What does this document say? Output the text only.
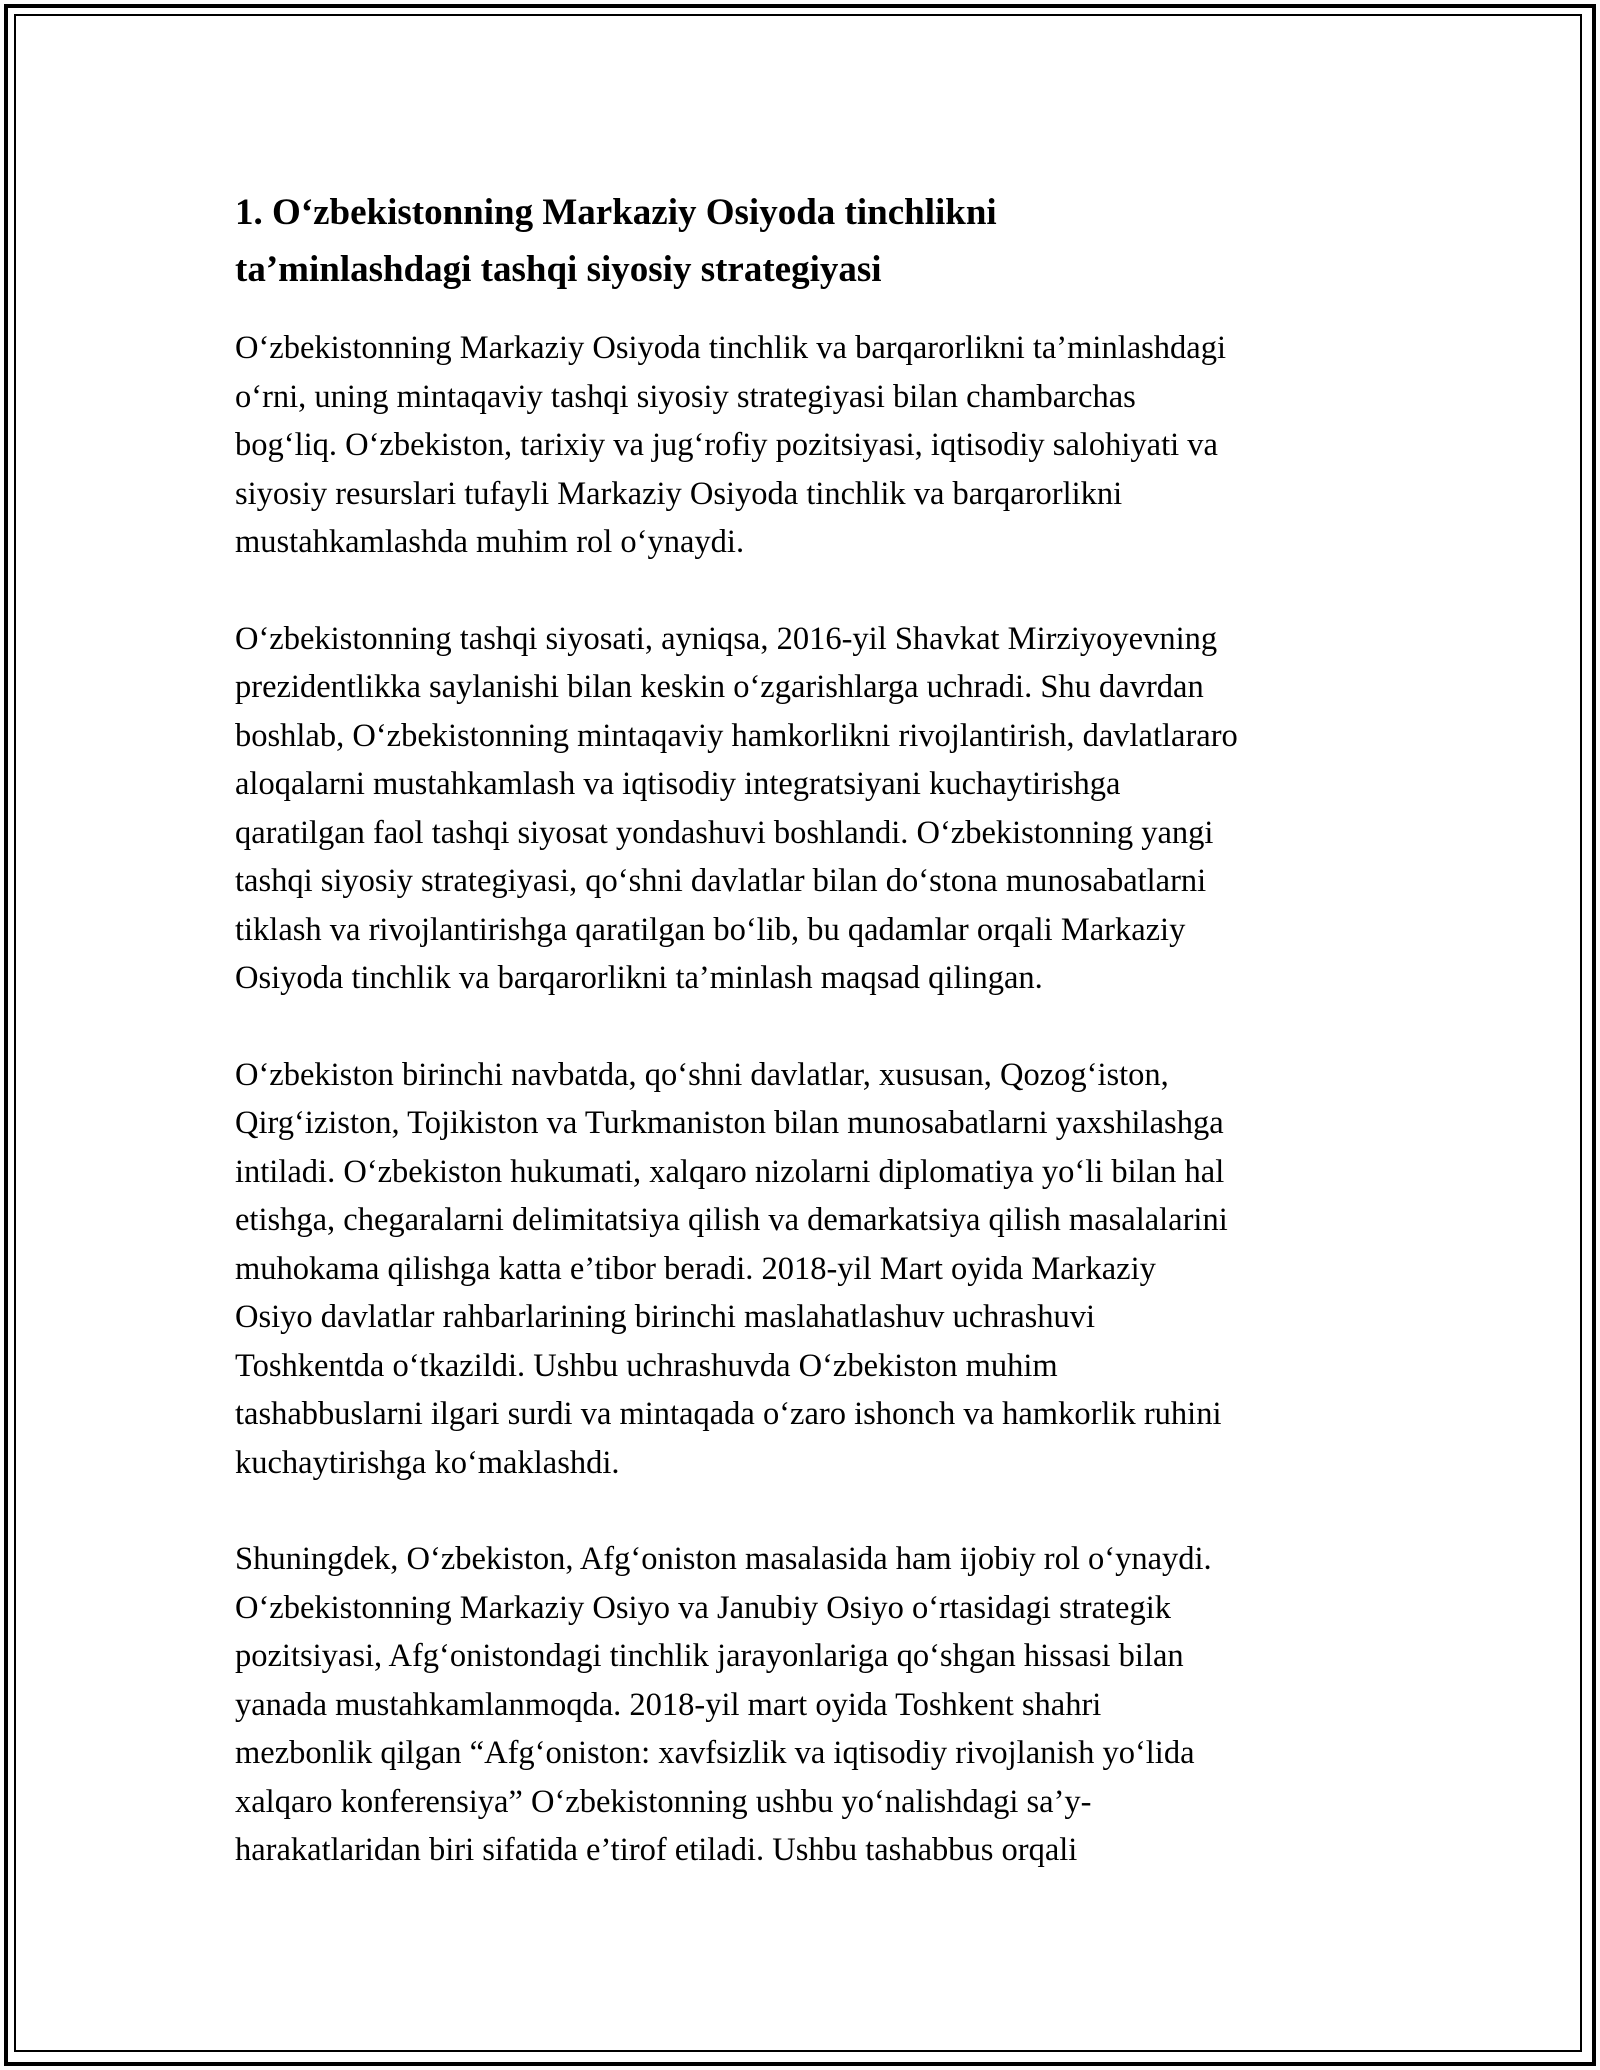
1. O‘zbekistonning Markaziy Osiyoda tinchlikni
ta’minlashdagi tashqi siyosiy strategiyasi

O‘zbekistonning Markaziy Osiyoda tinchlik va barqarorlikni ta’minlashdagi
o‘rni, uning mintaqaviy tashqi siyosiy strategiyasi bilan chambarchas
bog‘liq. O‘zbekiston, tarixiy va jug‘rofiy pozitsiyasi, iqtisodiy salohiyati va
siyosiy resurslari tufayli Markaziy Osiyoda tinchlik va barqarorlikni
mustahkamlashda muhim rol o‘ynaydi.

O‘zbekistonning tashqi siyosati, ayniqsa, 2016-yil Shavkat Mirziyoyevning
prezidentlikka saylanishi bilan keskin o‘zgarishlarga uchradi. Shu davrdan
boshlab, O‘zbekistonning mintaqaviy hamkorlikni rivojlantirish, davlatlararo
aloqalarni mustahkamlash va iqtisodiy integratsiyani kuchaytirishga
qaratilgan faol tashqi siyosat yondashuvi boshlandi. O‘zbekistonning yangi
tashqi siyosiy strategiyasi, qo‘shni davlatlar bilan do‘stona munosabatlarni
tiklash va rivojlantirishga qaratilgan bo‘lib, bu qadamlar orqali Markaziy
Osiyoda tinchlik va barqarorlikni ta’minlash maqsad qilingan.

O‘zbekiston birinchi navbatda, qo‘shni davlatlar, xususan, Qozog‘iston,
Qirg‘iziston, Tojikiston va Turkmaniston bilan munosabatlarni yaxshilashga
intiladi. O‘zbekiston hukumati, xalqaro nizolarni diplomatiya yo‘li bilan hal
etishga, chegaralarni delimitatsiya qilish va demarkatsiya qilish masalalarini
muhokama qilishga katta e’tibor beradi. 2018-yil Mart oyida Markaziy
Osiyo davlatlar rahbarlarining birinchi maslahatlashuv uchrashuvi
Toshkentda o‘tkazildi. Ushbu uchrashuvda O‘zbekiston muhim
tashabbuslarni ilgari surdi va mintaqada o‘zaro ishonch va hamkorlik ruhini
kuchaytirishga ko‘maklashdi.

Shuningdek, O‘zbekiston, Afg‘oniston masalasida ham ijobiy rol o‘ynaydi.
O‘zbekistonning Markaziy Osiyo va Janubiy Osiyo o‘rtasidagi strategik
pozitsiyasi, Afg‘onistondagi tinchlik jarayonlariga qo‘shgan hissasi bilan
yanada mustahkamlanmoqda. 2018-yil mart oyida Toshkent shahri
mezbonlik qilgan “Afg‘oniston: xavfsizlik va iqtisodiy rivojlanish yo‘lida
xalqaro konferensiya” O‘zbekistonning ushbu yo‘nalishdagi sa’y-
harakatlaridan biri sifatida e’tirof etiladi. Ushbu tashabbus orqali
